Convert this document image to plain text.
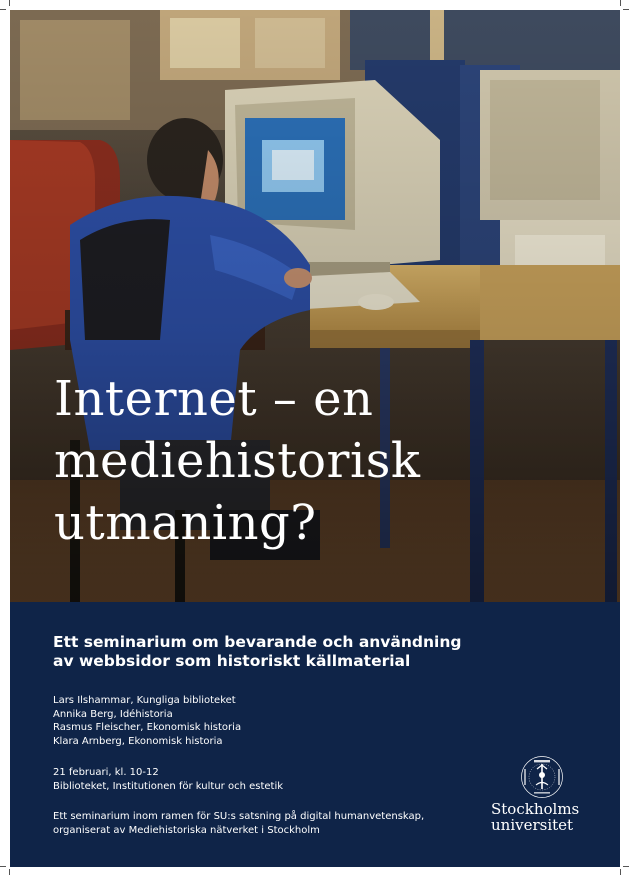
Internet – en
mediehistorisk
utmaning?
Ett seminarium om bevarande och användning
av webbsidor som historiskt källmaterial
Lars Ilshammar, Kungliga biblioteket
Annika Berg, Idéhistoria
Rasmus Fleischer, Ekonomisk historia
Klara Arnberg, Ekonomisk historia
21 februari, kl. 10-12
Biblioteket, Institutionen för kultur och estetik
Ett seminarium inom ramen för SU:s satsning på digital humanvetenskap,
organiserat av Mediehistoriska nätverket i Stockholm
Stockholms
universitet
